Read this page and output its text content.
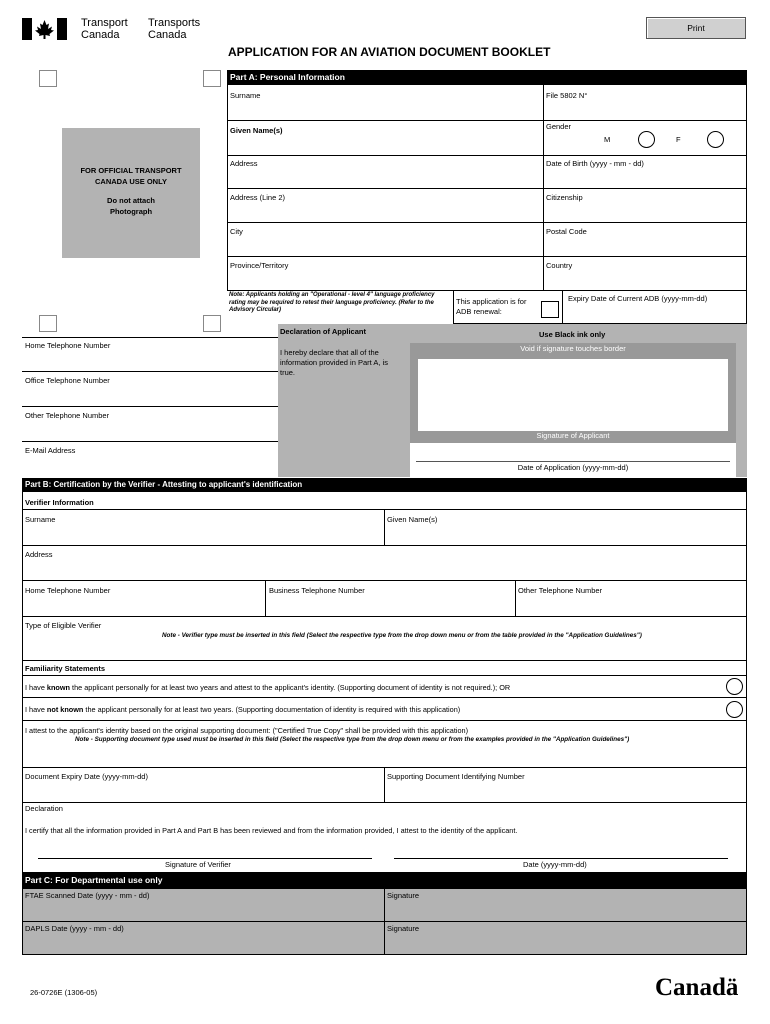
Transport
Canada
Transports
Canada
Print
APPLICATION FOR AN AVIATION DOCUMENT BOOKLET
FOR OFFICIAL TRANSPORT
CANADA USE ONLY
Do not attach
Photograph
Part A: Personal Information
Surname	File 5802 N°
Given Name(s)	Gender
M	F
Address	Date of Birth (yyyy - mm - dd)
Address (Line 2)	Citizenship
City	Postal Code
Province/Territory	Country
Note: Applicants holding an "Operational - level 4" language proficiency rating may be required to retest their language proficiency. (Refer to the Advisory Circular)
This application is for ADB renewal:
Expiry Date of Current ADB (yyyy-mm-dd)
Home Telephone Number
Office Telephone Number
Other Telephone Number
E-Mail Address
Declaration of Applicant	Use Black ink only
I hereby declare that all of the information provided in Part A, is true.
Void if signature touches border
Signature of Applicant
Date of Application (yyyy-mm-dd)
Part B: Certification by the Verifier - Attesting to applicant's identification
Verifier Information
Surname	Given Name(s)
Address
Home Telephone Number	Business Telephone Number	Other Telephone Number
Type of Eligible Verifier
Note - Verifier type must be inserted in this field (Select the respective type from the drop down menu or from the table provided in the "Application Guidelines")
Familiarity Statements
I have known the applicant personally for at least two years and attest to the applicant's identity. (Supporting document of identity is not required.); OR
I have not known the applicant personally for at least two years. (Supporting documentation of identity is required with this application)
I attest to the applicant's identity based on the original supporting document: ("Certified True Copy" shall be provided with this application)
Note - Supporting document type used must be inserted in this field (Select the respective type from the drop down menu or from the examples provided in the "Application Guidelines")
Document Expiry Date (yyyy-mm-dd)	Supporting Document Identifying Number
Declaration
I certify that all the information provided in Part A and Part B has been reviewed and from the information provided, I attest to the identity of the applicant.
Signature of Verifier	Date (yyyy-mm-dd)
Part C: For Departmental use only
FTAE Scanned Date (yyyy - mm - dd)	Signature
DAPLS Date (yyyy - mm - dd)	Signature
26-0726E (1306-05)	Canadä
